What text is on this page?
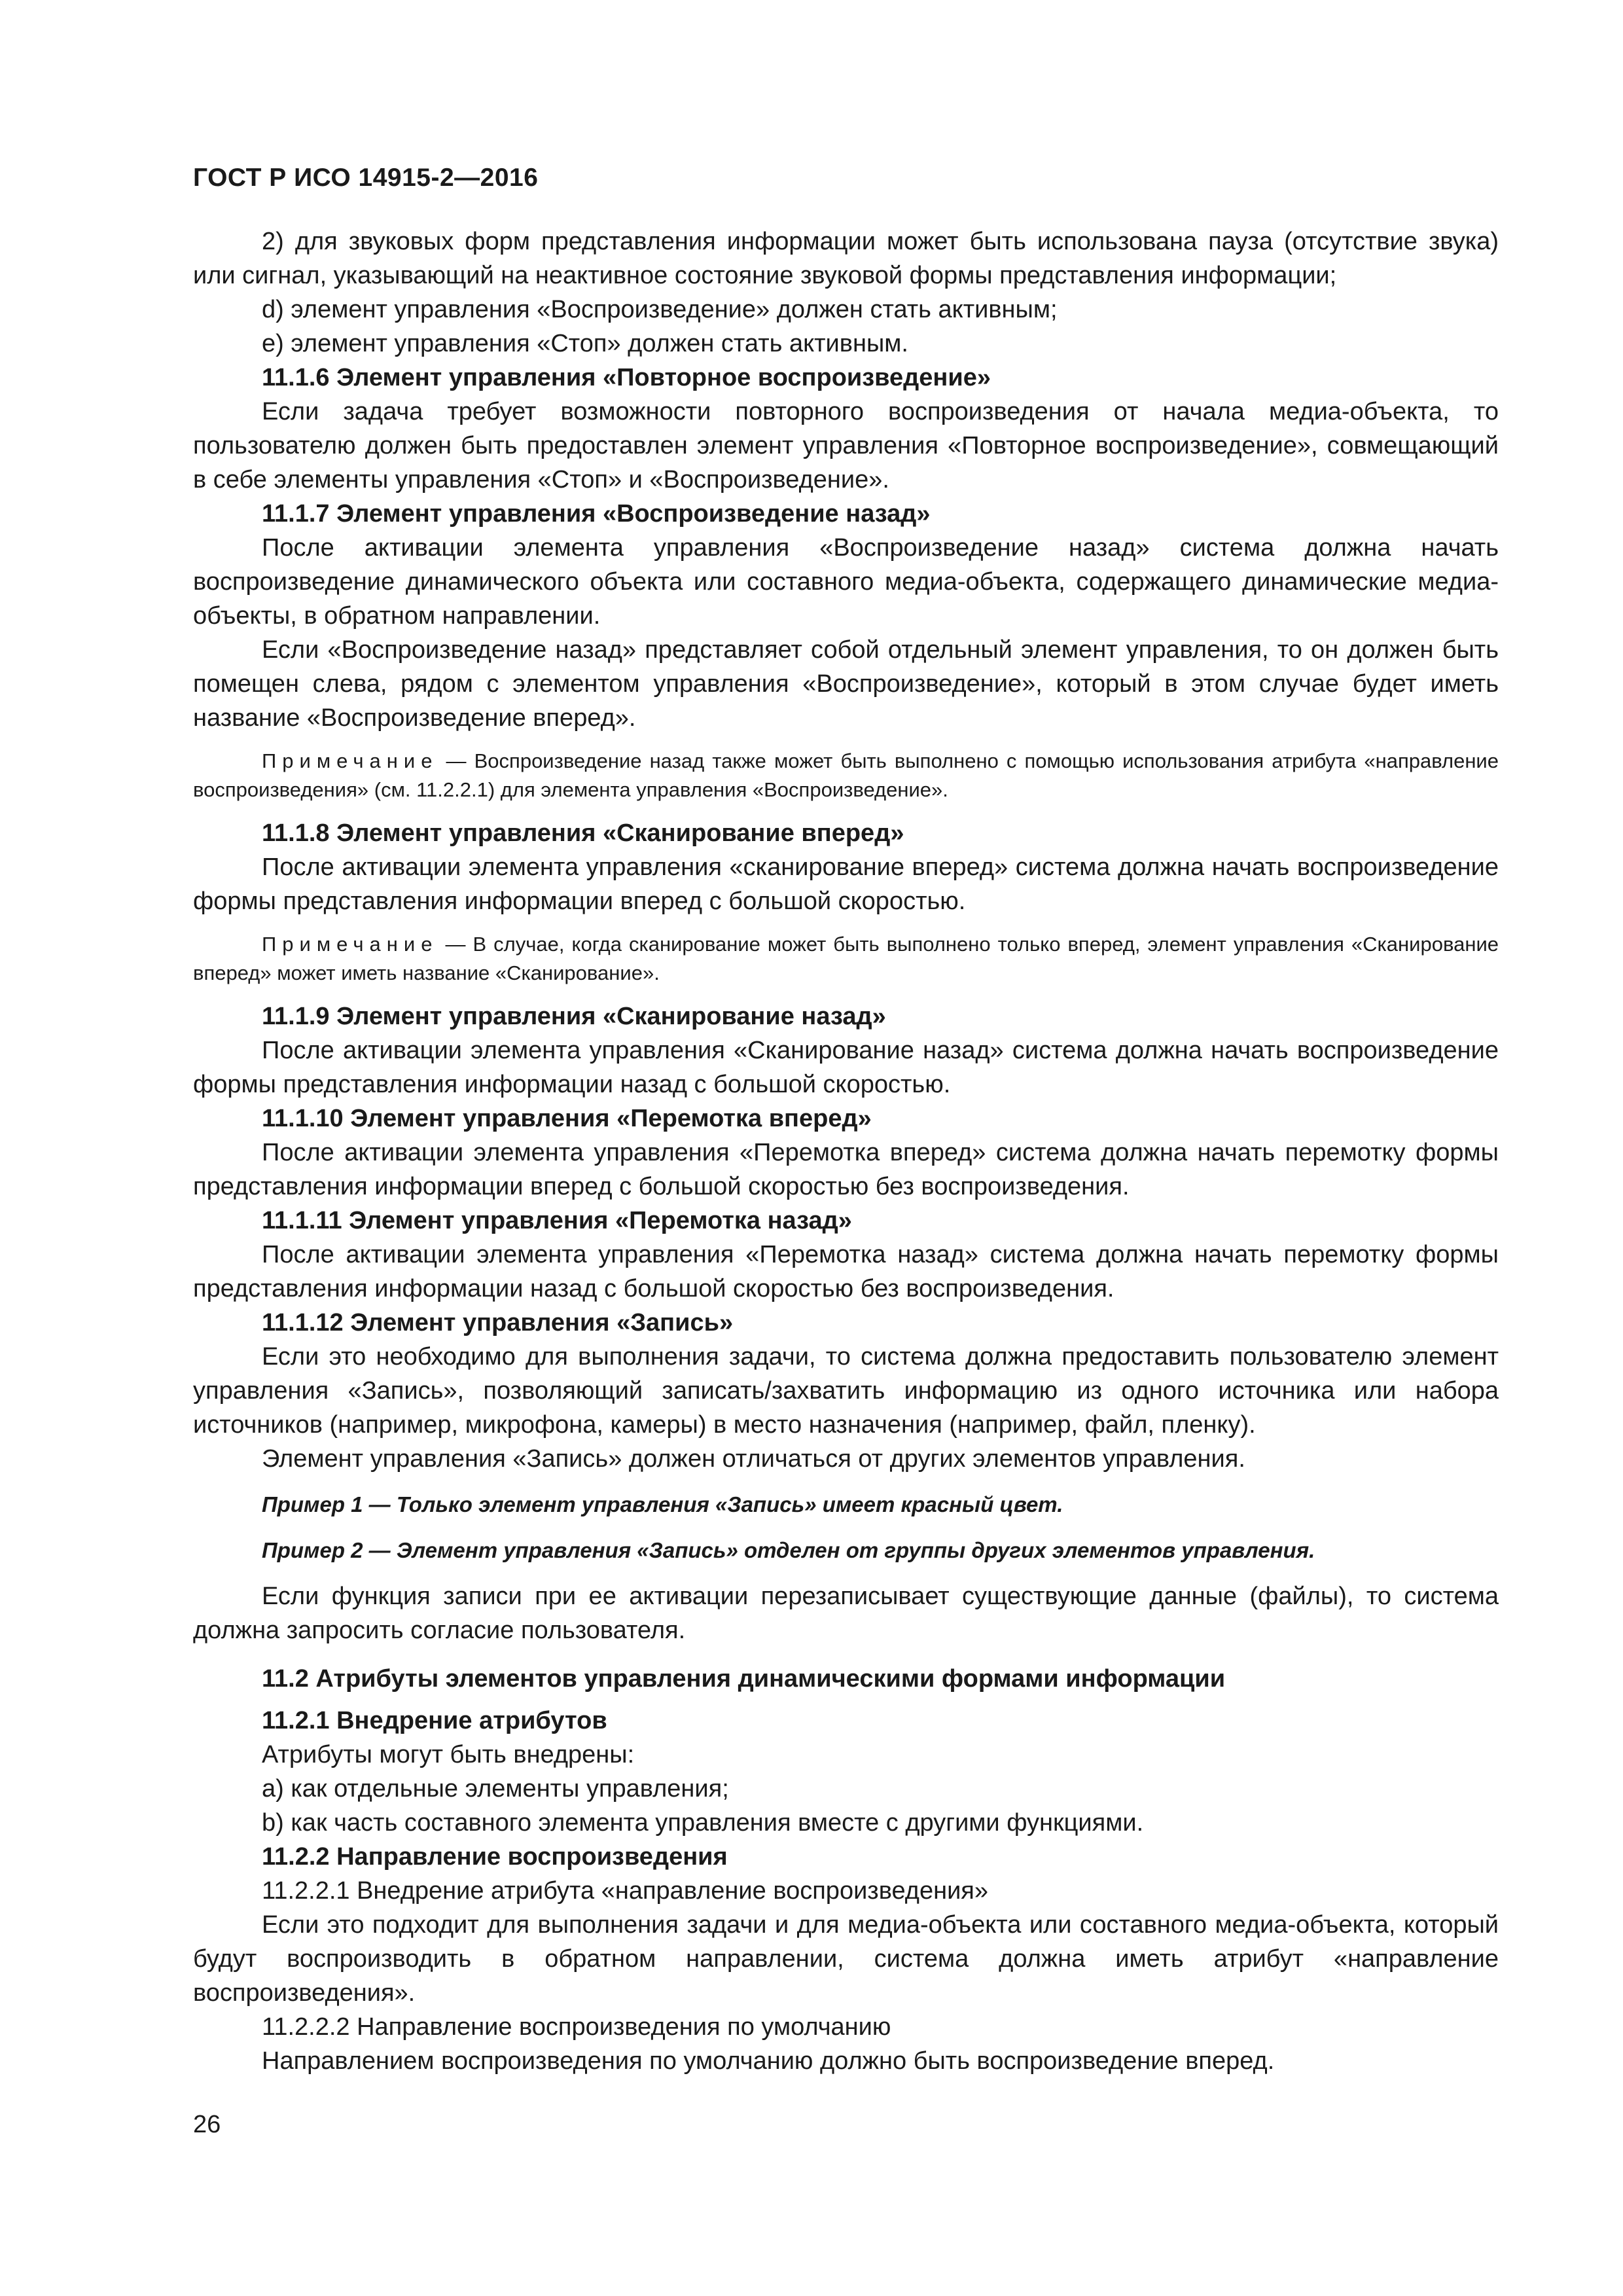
ГОСТ Р ИСО 14915-2—2016

2) для звуковых форм представления информации может быть использована пауза (отсутствие звука) или сигнал, указывающий на неактивное состояние звуковой формы представления информации;

d) элемент управления «Воспроизведение» должен стать активным;

е) элемент управления «Стоп» должен стать активным.

11.1.6 Элемент управления «Повторное воспроизведение»

Если задача требует возможности повторного воспроизведения от начала медиа-объекта, то пользователю должен быть предоставлен элемент управления «Повторное воспроизведение», совмещающий в себе элементы управления «Стоп» и «Воспроизведение».

11.1.7 Элемент управления «Воспроизведение назад»

После активации элемента управления «Воспроизведение назад» система должна начать воспроизведение динамического объекта или составного медиа-объекта, содержащего динамические медиа-объекты, в обратном направлении.

Если «Воспроизведение назад» представляет собой отдельный элемент управления, то он должен быть помещен слева, рядом с элементом управления «Воспроизведение», который в этом случае будет иметь название «Воспроизведение вперед».

Примечание — Воспроизведение назад также может быть выполнено с помощью использования атрибута «направление воспроизведения» (см. 11.2.2.1) для элемента управления «Воспроизведение».

11.1.8 Элемент управления «Сканирование вперед»

После активации элемента управления «сканирование вперед» система должна начать воспроизведение формы представления информации вперед с большой скоростью.

Примечание — В случае, когда сканирование может быть выполнено только вперед, элемент управления «Сканирование вперед» может иметь название «Сканирование».

11.1.9 Элемент управления «Сканирование назад»

После активации элемента управления «Сканирование назад» система должна начать воспроизведение формы представления информации назад с большой скоростью.

11.1.10 Элемент управления «Перемотка вперед»

После активации элемента управления «Перемотка вперед» система должна начать перемотку формы представления информации вперед с большой скоростью без воспроизведения.

11.1.11 Элемент управления «Перемотка назад»

После активации элемента управления «Перемотка назад» система должна начать перемотку формы представления информации назад с большой скоростью без воспроизведения.

11.1.12 Элемент управления «Запись»

Если это необходимо для выполнения задачи, то система должна предоставить пользователю элемент управления «Запись», позволяющий записать/захватить информацию из одного источника или набора источников (например, микрофона, камеры) в место назначения (например, файл, пленку).

Элемент управления «Запись» должен отличаться от других элементов управления.

Пример 1 — Только элемент управления «Запись» имеет красный цвет.

Пример 2 — Элемент управления «Запись» отделен от группы других элементов управления.

Если функция записи при ее активации перезаписывает существующие данные (файлы), то система должна запросить согласие пользователя.

11.2 Атрибуты элементов управления динамическими формами информации

11.2.1 Внедрение атрибутов

Атрибуты могут быть внедрены:

а) как отдельные элементы управления;

b) как часть составного элемента управления вместе с другими функциями.

11.2.2 Направление воспроизведения

11.2.2.1 Внедрение атрибута «направление воспроизведения»

Если это подходит для выполнения задачи и для медиа-объекта или составного медиа-объекта, который будут воспроизводить в обратном направлении, система должна иметь атрибут «направление воспроизведения».

11.2.2.2 Направление воспроизведения по умолчанию

Направлением воспроизведения по умолчанию должно быть воспроизведение вперед.

26
